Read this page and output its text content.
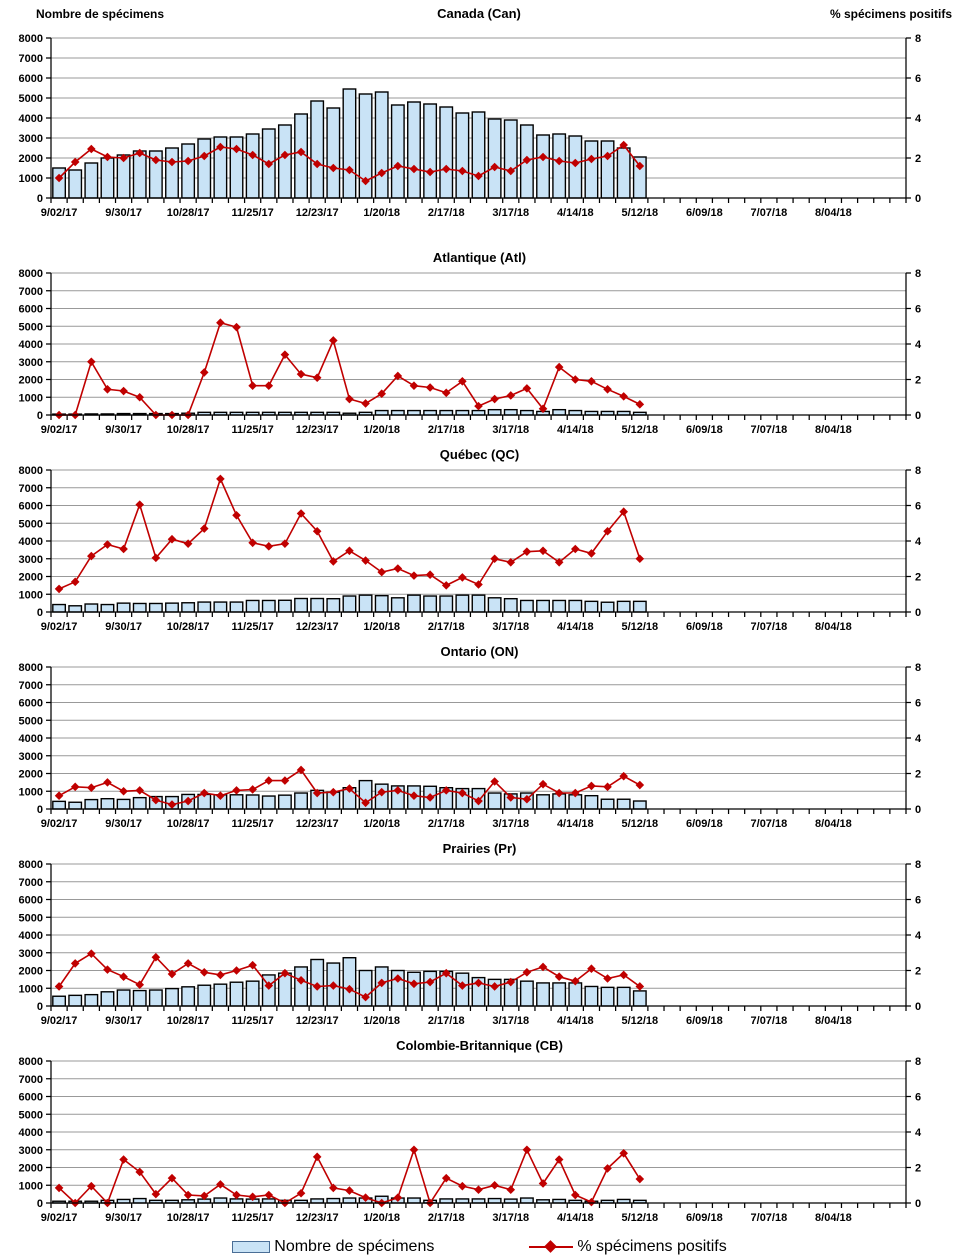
Nombre de spécimens	Canada (Can)	% spécimens positifs
0
1000
2000
3000
4000
5000
6000
7000
8000
0
2
4
6
8
9/02/17	9/30/17 10/28/17 11/25/17 12/23/17 1/20/18	2/17/18	3/17/18	4/14/18	5/12/18	6/09/18	7/07/18	8/04/18
Atlantique (Atl)
0
1000
2000
3000
4000
5000
6000
7000
8000
0
2
4
6
8
9/02/17	9/30/17 10/28/17 11/25/17 12/23/17 1/20/18	2/17/18	3/17/18	4/14/18	5/12/18	6/09/18	7/07/18	8/04/18
Québec (QC)
0
1000
2000
3000
4000
5000
6000
7000
8000
0
2
4
6
8
9/02/17	9/30/17 10/28/17 11/25/17 12/23/17 1/20/18	2/17/18	3/17/18	4/14/18	5/12/18	6/09/18	7/07/18	8/04/18
Ontario (ON)
0
1000
2000
3000
4000
5000
6000
7000
8000
0
2
4
6
8
9/02/17	9/30/17 10/28/17 11/25/17 12/23/17 1/20/18	2/17/18	3/17/18	4/14/18	5/12/18	6/09/18	7/07/18	8/04/18
Prairies (Pr)
0
1000
2000
3000
4000
5000
6000
7000
8000
0
2
4
6
8
9/02/17	9/30/17 10/28/17 11/25/17 12/23/17 1/20/18	2/17/18	3/17/18	4/14/18	5/12/18	6/09/18	7/07/18	8/04/18
Colombie-Britannique (CB)
0
1000
2000
3000
4000
5000
6000
7000
8000
0
2
4
6
8
9/02/17	9/30/17 10/28/17 11/25/17 12/23/17 1/20/18	2/17/18	3/17/18	4/14/18	5/12/18	6/09/18	7/07/18	8/04/18
Nombre de spécimens	% spécimens positifs
